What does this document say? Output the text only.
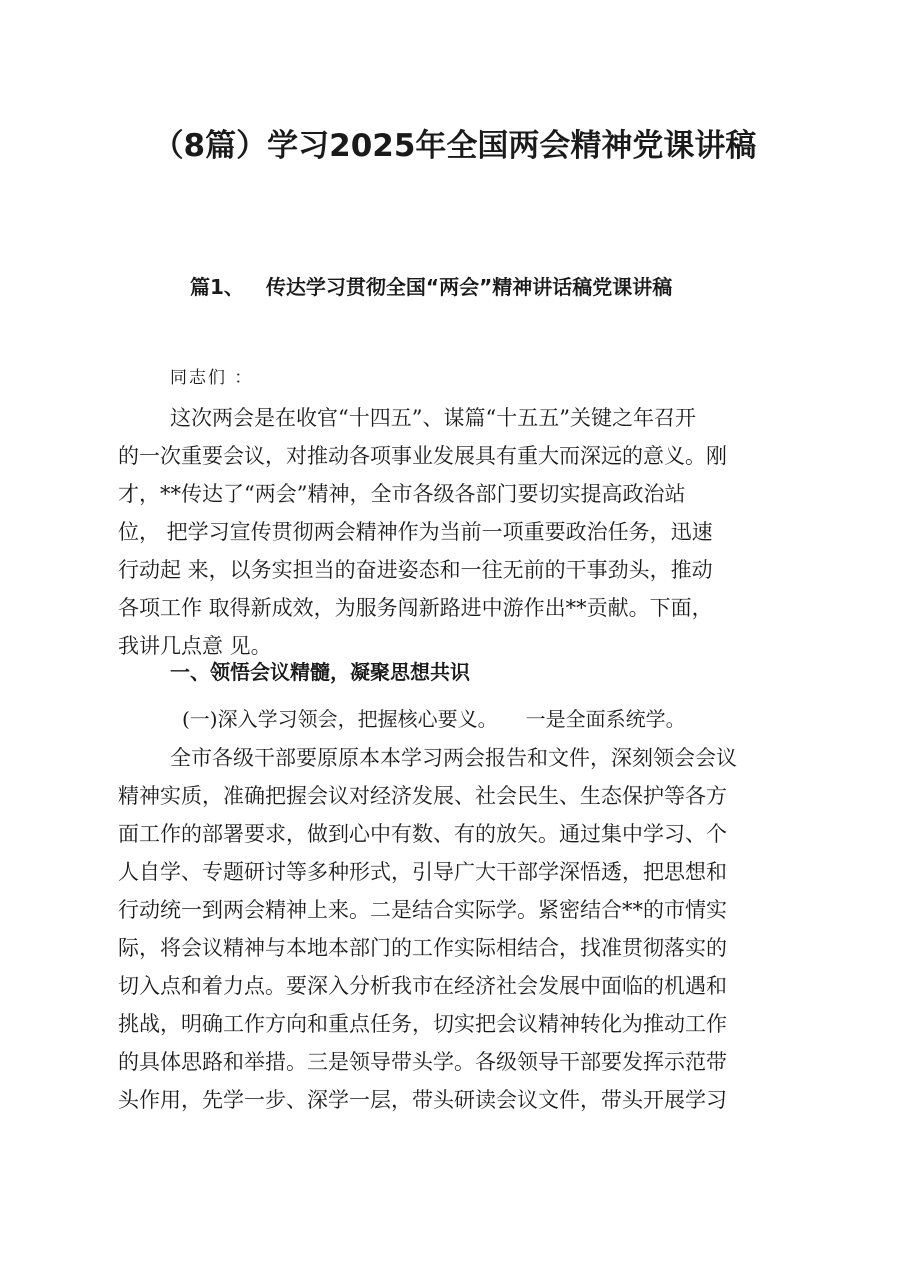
（8篇）学习2025年全国两会精神党课讲稿
篇1、 传达学习贯彻全国“两会”精神讲话稿党课讲稿
同志们 ：
这次两会是在收官“十四五”、谋篇“十五五”关键之年召开
的一次重要会议，对推动各项事业发展具有重大而深远的意义。刚
才，**传达了“两会”精神，全市各级各部门要切实提高政治站
位， 把学习宣传贯彻两会精神作为当前一项重要政治任务，迅速
行动起 来，以务实担当的奋进姿态和一往无前的干事劲头，推动
各项工作 取得新成效，为服务闯新路进中游作出**贡献。下面，
我讲几点意 见。
一、领悟会议精髓，凝聚思想共识
(一)深入学习领会，把握核心要义。 一是全面系统学。
全市各级干部要原原本本学习两会报告和文件，深刻领会会议
精神实质，准确把握会议对经济发展、社会民生、生态保护等各方
面工作的部署要求，做到心中有数、有的放矢。通过集中学习、个
人自学、专题研讨等多种形式，引导广大干部学深悟透，把思想和
行动统一到两会精神上来。二是结合实际学。紧密结合**的市情实
际，将会议精神与本地本部门的工作实际相结合，找准贯彻落实的
切入点和着力点。要深入分析我市在经济社会发展中面临的机遇和
挑战，明确工作方向和重点任务，切实把会议精神转化为推动工作
的具体思路和举措。三是领导带头学。各级领导干部要发挥示范带
头作用，先学一步、深学一层，带头研读会议文件，带头开展学习
